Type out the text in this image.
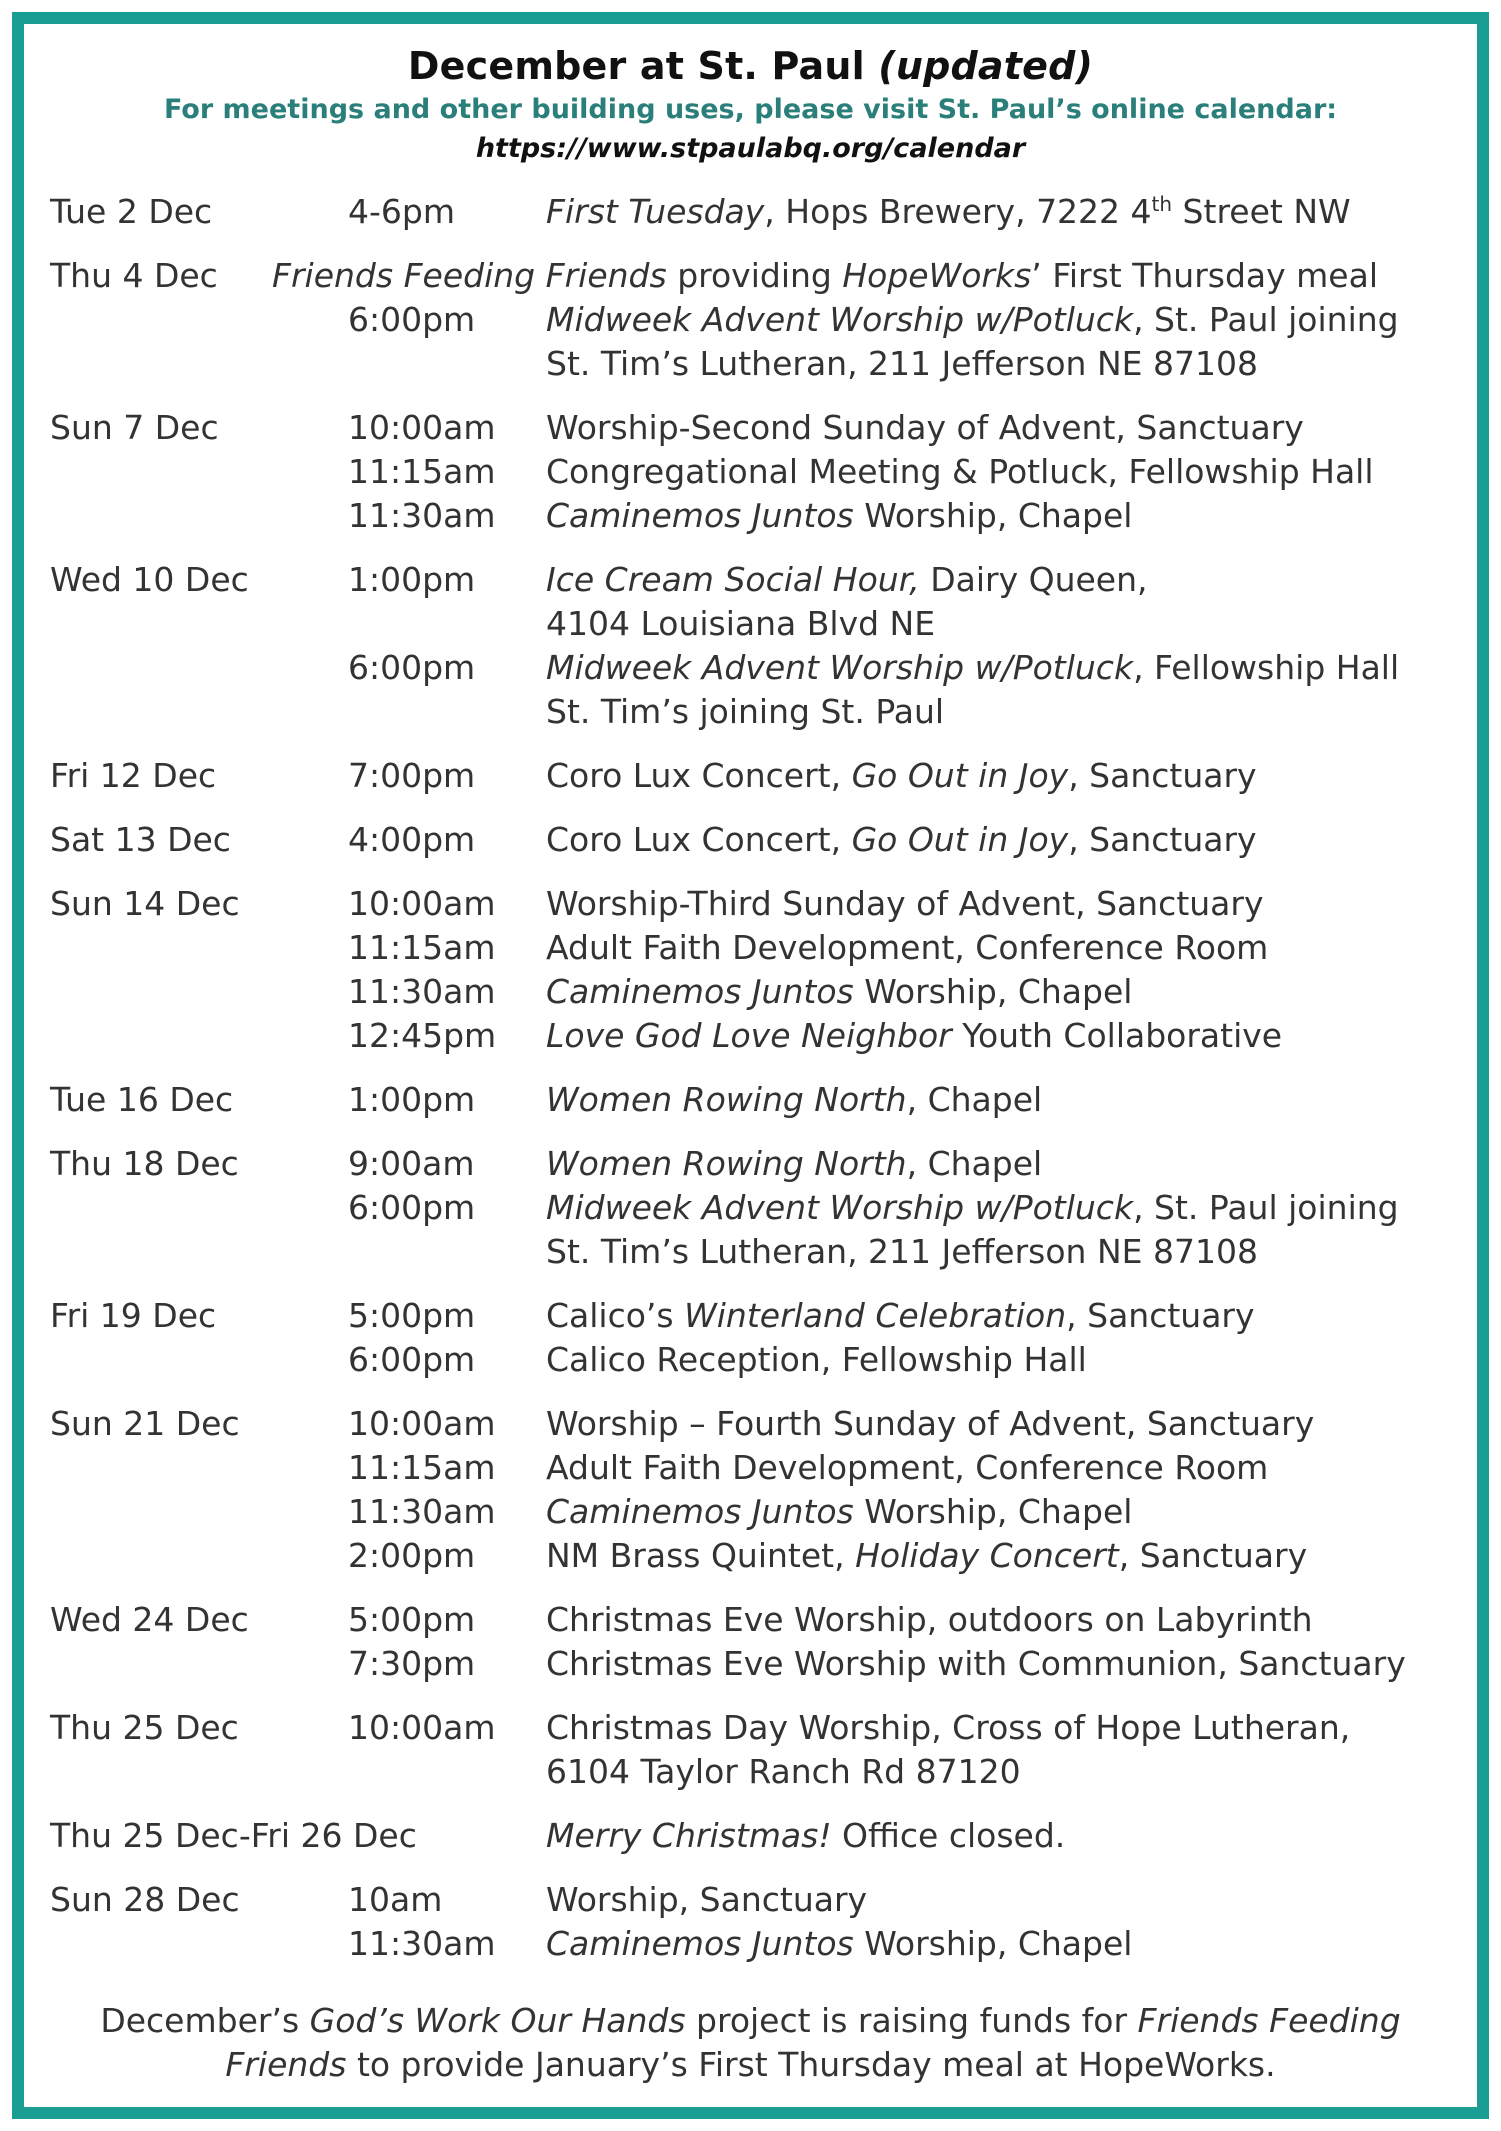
December at St. Paul (updated)
For meetings and other building uses, please visit St. Paul’s online calendar:
https://www.stpaulabq.org/calendar
Tue 2 Dec	4-6pm	First Tuesday, Hops Brewery, 7222 4th Street NW
Thu 4 Dec Friends Feeding Friends providing HopeWorks’ First Thursday meal
6:00pm Midweek Advent Worship w/Potluck, St. Paul joining
St. Tim’s Lutheran, 211 Jefferson NE 87108
Sun 7 Dec	10:00am Worship-Second Sunday of Advent, Sanctuary
11:15am Congregational Meeting & Potluck, Fellowship Hall
11:30am Caminemos Juntos Worship, Chapel
Wed 10 Dec	1:00pm Ice Cream Social Hour, Dairy Queen,
4104 Louisiana Blvd NE
6:00pm Midweek Advent Worship w/Potluck, Fellowship Hall
St. Tim’s joining St. Paul
Fri 12 Dec	7:00pm Coro Lux Concert, Go Out in Joy, Sanctuary
Sat 13 Dec	4:00pm Coro Lux Concert, Go Out in Joy, Sanctuary
Sun 14 Dec	10:00am Worship-Third Sunday of Advent, Sanctuary
11:15am Adult Faith Development, Conference Room
11:30am Caminemos Juntos Worship, Chapel
12:45pm Love God Love Neighbor Youth Collaborative
Tue 16 Dec	1:00pm Women Rowing North, Chapel
Thu 18 Dec	9:00am Women Rowing North, Chapel
6:00pm Midweek Advent Worship w/Potluck, St. Paul joining
St. Tim’s Lutheran, 211 Jefferson NE 87108
Fri 19 Dec	5:00pm Calico’s Winterland Celebration, Sanctuary
6:00pm Calico Reception, Fellowship Hall
Sun 21 Dec	10:00am Worship – Fourth Sunday of Advent, Sanctuary
11:15am Adult Faith Development, Conference Room
11:30am Caminemos Juntos Worship, Chapel
2:00pm NM Brass Quintet, Holiday Concert, Sanctuary
Wed 24 Dec	5:00pm Christmas Eve Worship, outdoors on Labyrinth
7:30pm Christmas Eve Worship with Communion, Sanctuary
Thu 25 Dec	10:00am Christmas Day Worship, Cross of Hope Lutheran,
6104 Taylor Ranch Rd 87120
Thu 25 Dec-Fri 26 Dec	Merry Christmas! Office closed.
Sun 28 Dec	10am	Worship, Sanctuary
11:30am Caminemos Juntos Worship, Chapel
December’s God’s Work Our Hands project is raising funds for Friends Feeding
Friends to provide January’s First Thursday meal at HopeWorks.
